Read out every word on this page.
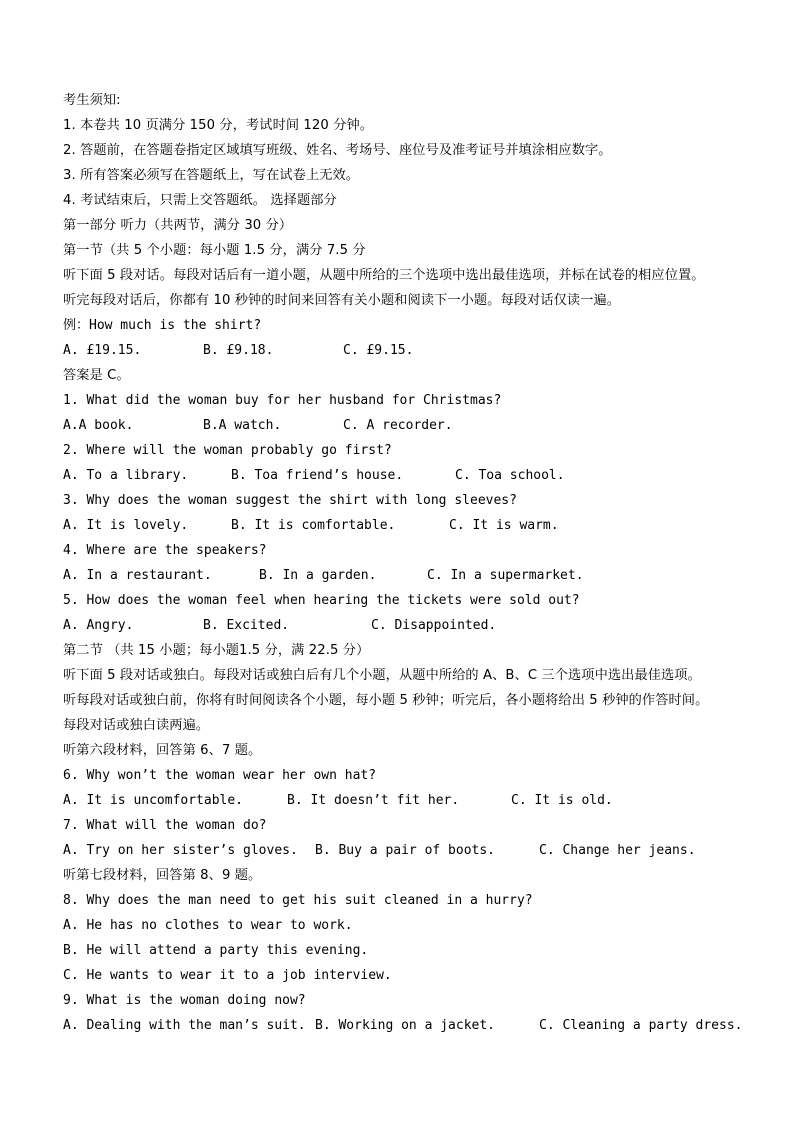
考生须知:
1. 本卷共 10 页满分 150 分，考试时间 120 分钟。
2. 答题前，在答题卷指定区域填写班级、姓名、考场号、座位号及准考证号并填涂相应数字。
3. 所有答案必须写在答题纸上，写在试卷上无效。
4. 考试结束后，只需上交答题纸。 选择题部分
第一部分 听力（共两节，满分 30 分）
第一节（共 5 个小题：每小题 1.5 分，满分 7.5 分
听下面 5 段对话。每段对话后有一道小题，从题中所给的三个选项中选出最佳选项，并标在试卷的相应位置。
听完每段对话后，你都有 10 秒钟的时间来回答有关小题和阅读下一小题。每段对话仅读一遍。
例：How much is the shirt?
A. £19.15.	B. £9.18.	C. £9.15.
答案是 C。
1. What did the woman buy for her husband for Christmas?
A.A book.	B.A watch.	C. A recorder.
2. Where will the woman probably go first?
A. To a library.	B. Toa friend’s house.	C. Toa school.
3. Why does the woman suggest the shirt with long sleeves?
A. It is lovely.	B. It is comfortable.	C. It is warm.
4. Where are the speakers?
A. In a restaurant.	B. In a garden.	C. In a supermarket.
5. How does the woman feel when hearing the tickets were sold out?
A. Angry.	B. Excited.	C. Disappointed.
第二节 （共 15 小题；每小题1.5 分，满 22.5 分）
听下面 5 段对话或独白。每段对话或独白后有几个小题，从题中所给的 A、B、C 三个选项中选出最佳选项。
听每段对话或独白前，你将有时间阅读各个小题，每小题 5 秒钟；听完后，各小题将给出 5 秒钟的作答时间。
每段对话或独白读两遍。
听第六段材料，回答第 6、7 题。
6. Why won’t the woman wear her own hat?
A. It is uncomfortable.	B. It doesn’t fit her.	C. It is old.
7. What will the woman do?
A. Try on her sister’s gloves.	B. Buy a pair of boots.	C. Change her jeans.
听第七段材料，回答第 8、9 题。
8. Why does the man need to get his suit cleaned in a hurry?
A. He has no clothes to wear to work.
B. He will attend a party this evening.
C. He wants to wear it to a job interview.
9. What is the woman doing now?
A. Dealing with the man’s suit. B. Working on a jacket.	C. Cleaning a party dress.
